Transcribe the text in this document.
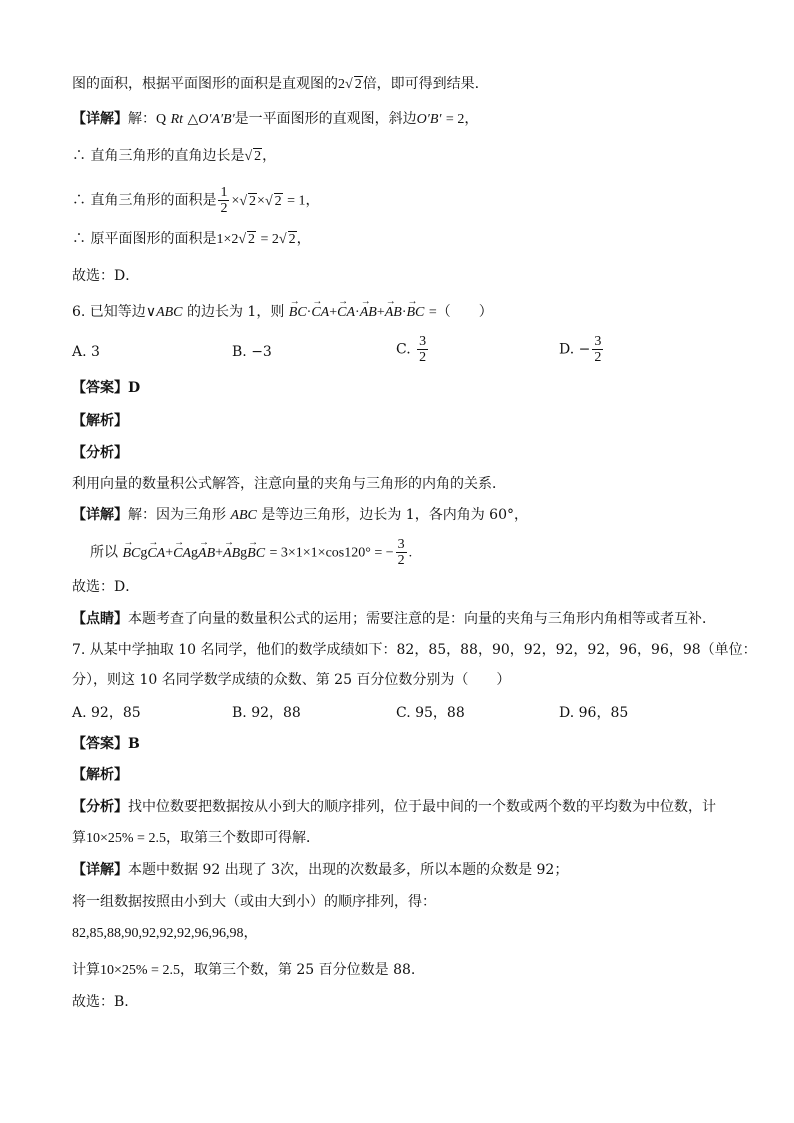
图的面积，根据平面图形的面积是直观图的2√ 2倍，即可得到结果.
【详解】解：Q Rt △O′A′B′是一平面图形的直观图，斜边O′B′ = 2，
∴ 直角三角形的直角边长是√ 2，
∴ 直角三角形的面积是 $\frac{1}{2}$ ×√ 2×√ 2 = 1，
∴ 原平面图形的面积是1×2√ 2 = 2√ 2，
故选：D．
6. 已知等边∨ABC 的边长为 1，则 → BC·→ CA+→ CA·→ AB+→ AB·→ BC =（　　）
A. 3	B. −3	C. $\frac{3}{2}$	D. − $\frac{3}{2}$
【答案】D
【解析】
【分析】
利用向量的数量积公式解答，注意向量的夹角与三角形的内角的关系．
【详解】解：因为三角形 ABC 是等边三角形，边长为 1，各内角为 60°，
所以 → BCg→ CA+→ CAg→ AB+→ ABg→ BC = 3×1×1×cos120° = − $\frac{3}{2}$ .
故选：D．
【点睛】本题考查了向量的数量积公式的运用；需要注意的是：向量的夹角与三角形内角相等或者互补．
7. 从某中学抽取 10 名同学，他们的数学成绩如下：82，85，88，90，92，92，92，96，96，98（单位：
分），则这 10 名同学数学成绩的众数、第 25 百分位数分别为（　　）
A. 92，85	B. 92，88	C. 95，88	D. 96，85
【答案】B
【解析】
【分析】找中位数要把数据按从小到大的顺序排列，位于最中间的一个数或两个数的平均数为中位数，计
算10×25% = 2.5，取第三个数即可得解．
【详解】本题中数据 92 出现了 3次，出现的次数最多，所以本题的众数是 92；
将一组数据按照由小到大（或由大到小）的顺序排列，得：
82,85,88,90,92,92,92,96,96,98，
计算10×25% = 2.5，取第三个数，第 25 百分位数是 88.
故选：B.
